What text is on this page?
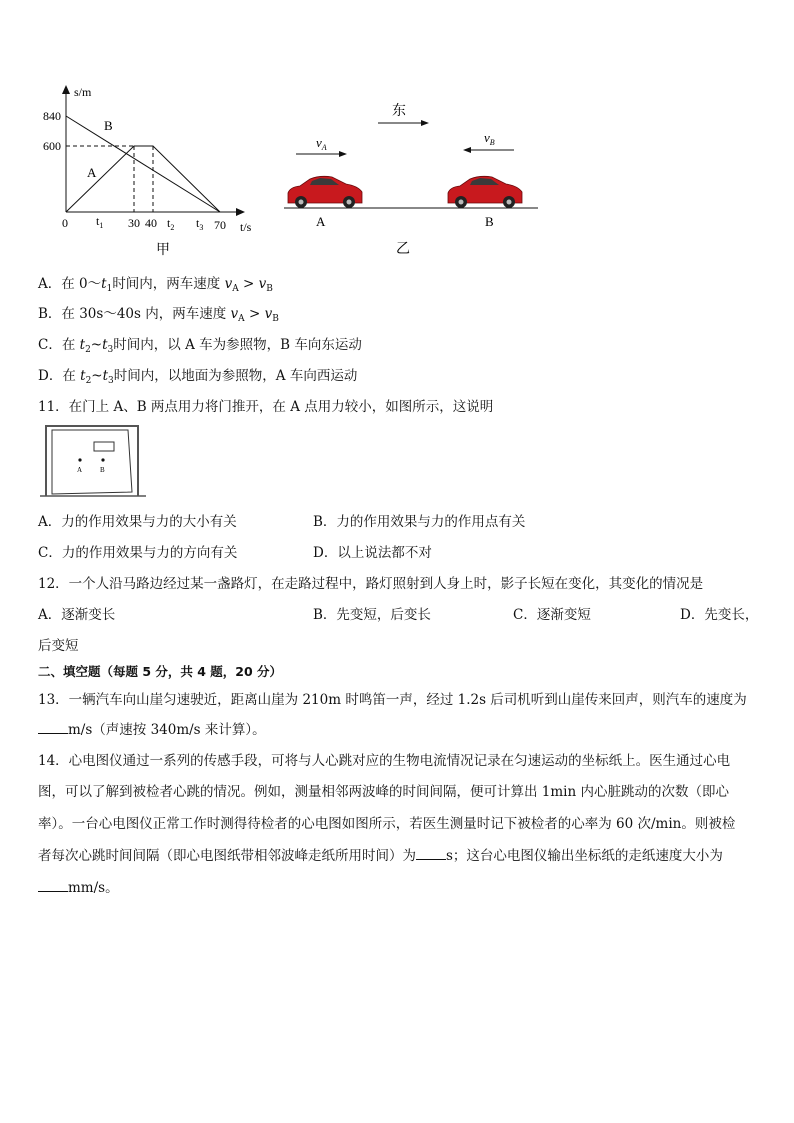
s/m
840
600
B
A
0 $t_1$ 30 40 $t_2$ $t_3$ 70 t/s
甲
东
$v_A$
$v_B$
A	B
乙
A．在 $0\sim t_1$时间内，两车速度 $v_A > v_B$
B．在 30s～40s 内，两车速度 $v_A > v_B$
C．在 $t_2\sim t_3$时间内，以 A 车为参照物，B 车向东运动
D．在 $t_2\sim t_3$时间内，以地面为参照物，A 车向西运动
11．在门上 A、B 两点用力将门推开，在 A 点用力较小，如图所示，这说明
A	B
A．力的作用效果与力的大小有关	B．力的作用效果与力的作用点有关
C．力的作用效果与力的方向有关	D．以上说法都不对
12．一个人沿马路边经过某一盏路灯，在走路过程中，路灯照射到人身上时，影子长短在变化，其变化的情况是
A．逐渐变长	B．先变短，后变长	C．逐渐变短	D．先变长，
后变短
二、填空题（每题 5 分，共 4 题，20 分）
13．一辆汽车向山崖匀速驶近，距离山崖为 210m 时鸣笛一声，经过 1.2s 后司机听到山崖传来回声，则汽车的速度为
m/s（声速按 340m/s 来计算）。
14．心电图仪通过一系列的传感手段，可将与人心跳对应的生物电流情况记录在匀速运动的坐标纸上。医生通过心电
图，可以了解到被检者心跳的情况。例如，测量相邻两波峰的时间间隔，便可计算出 1min 内心脏跳动的次数（即心
率）。一台心电图仪正常工作时测得待检者的心电图如图所示，若医生测量时记下被检者的心率为 60 次/min。则被检
者每次心跳时间间隔（即心电图纸带相邻波峰走纸所用时间）为 s；这台心电图仪输出坐标纸的走纸速度大小为
mm/s。
